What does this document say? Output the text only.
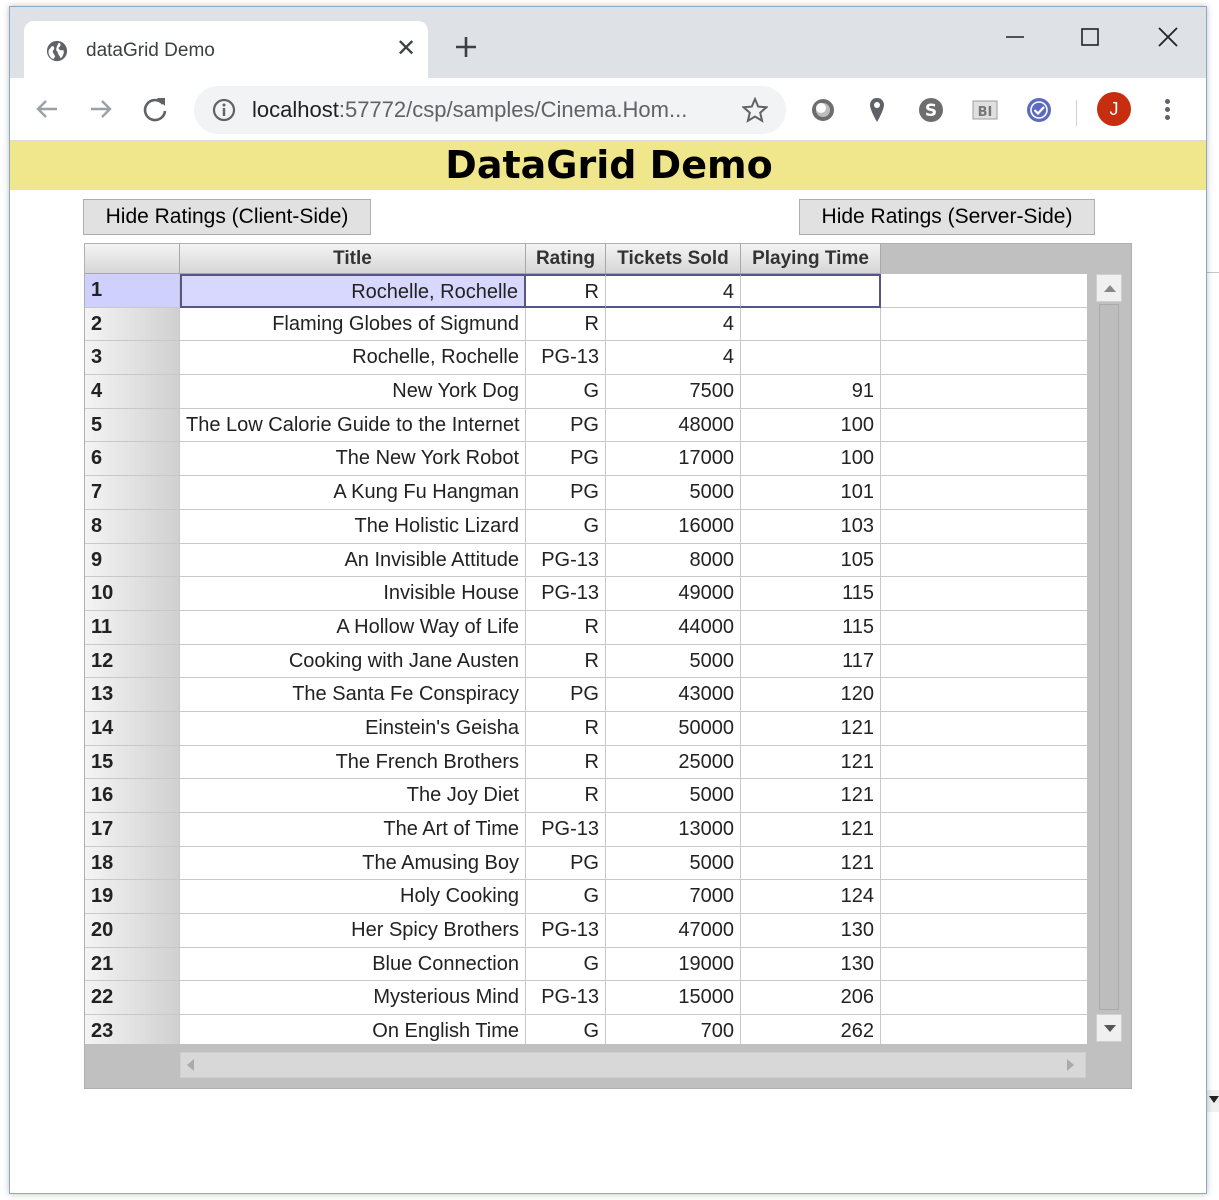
dataGrid Demo	✕
localhost:57772/csp/samples/Cinema.Hom...	S	BI	J
DataGrid Demo
Hide Ratings (Client-Side)	Hide Ratings (Server-Side)
Title	Rating	Tickets Sold	Playing Time
1	Rochelle, Rochelle	R	4
2	Flaming Globes of Sigmund	R	4
3	Rochelle, Rochelle	PG-13	4
4	New York Dog	G	7500	91
5	The Low Calorie Guide to the Internet	PG	48000	100
6	The New York Robot	PG	17000	100
7	A Kung Fu Hangman	PG	5000	101
8	The Holistic Lizard	G	16000	103
9	An Invisible Attitude	PG-13	8000	105
10	Invisible House	PG-13	49000	115
11	A Hollow Way of Life	R	44000	115
12	Cooking with Jane Austen	R	5000	117
13	The Santa Fe Conspiracy	PG	43000	120
14	Einstein's Geisha	R	50000	121
15	The French Brothers	R	25000	121
16	The Joy Diet	R	5000	121
17	The Art of Time	PG-13	13000	121
18	The Amusing Boy	PG	5000	121
19	Holy Cooking	G	7000	124
20	Her Spicy Brothers	PG-13	47000	130
21	Blue Connection	G	19000	130
22	Mysterious Mind	PG-13	15000	206
23	On English Time	G	700	262
